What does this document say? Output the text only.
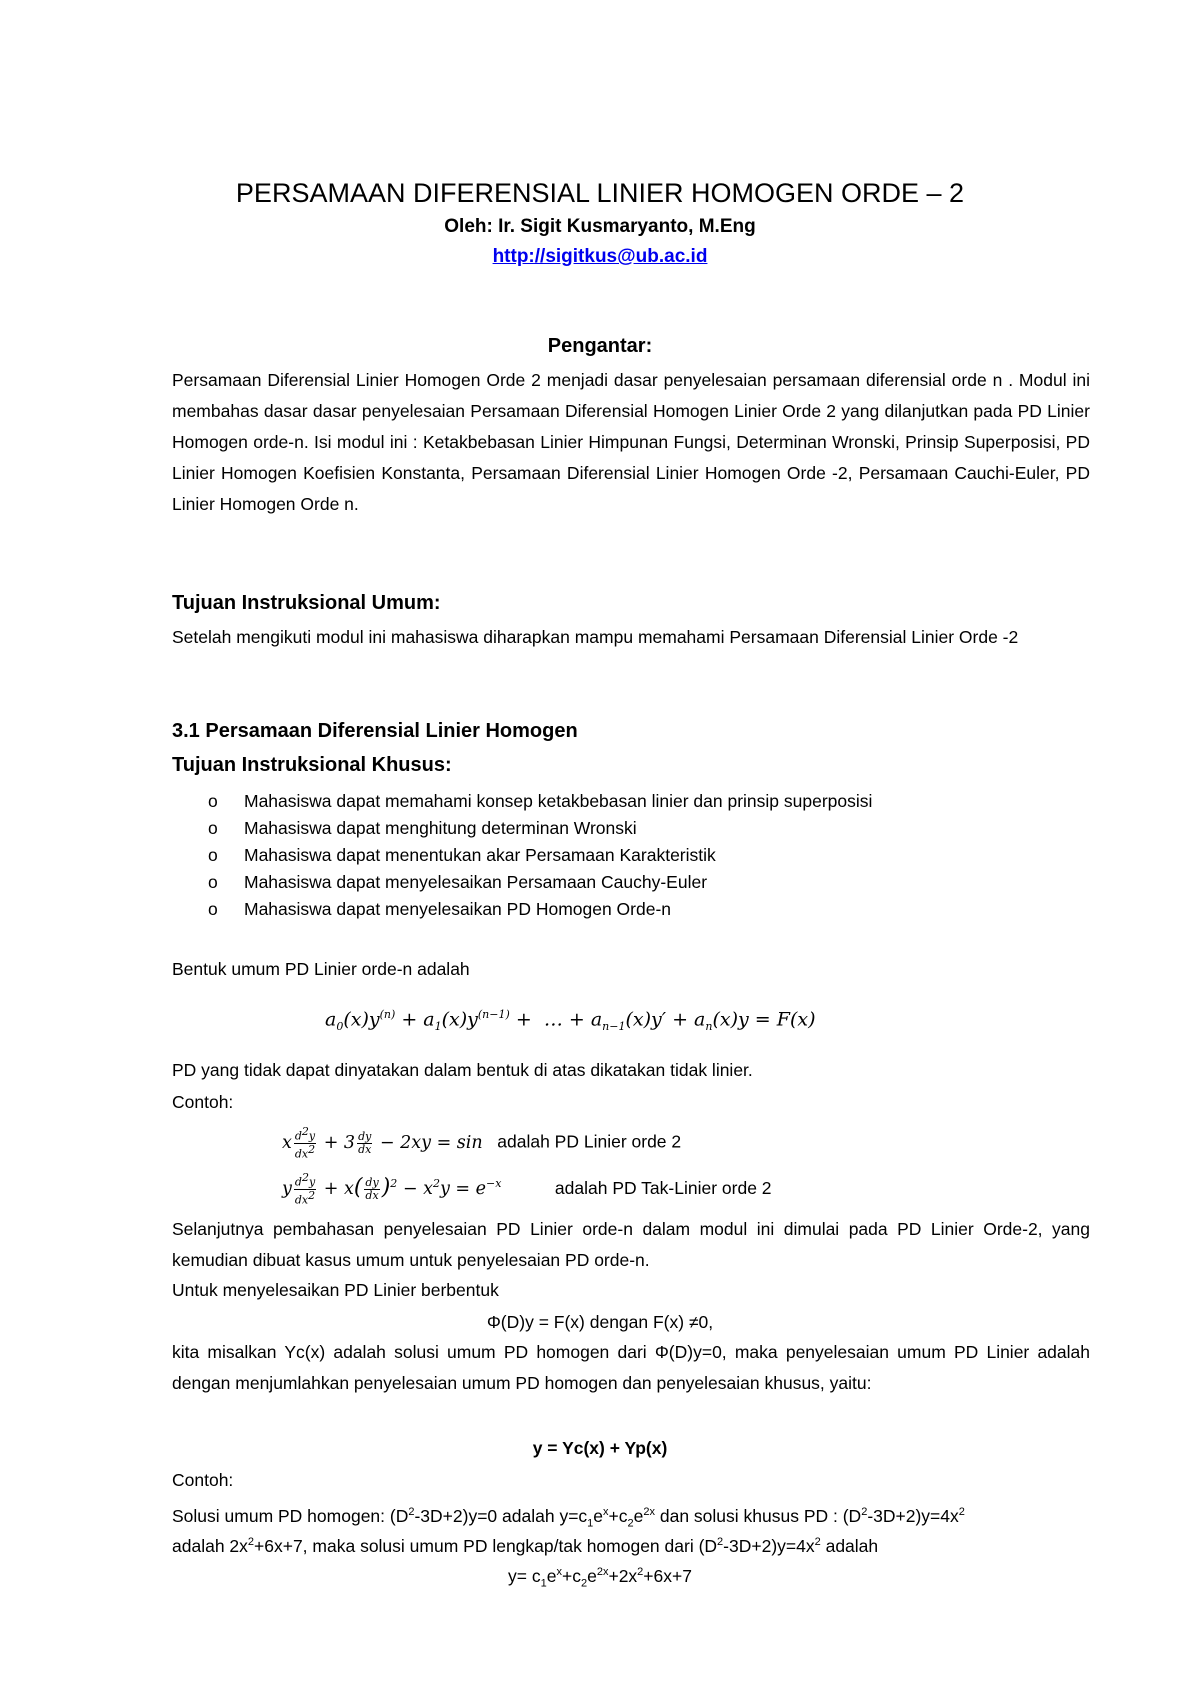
PERSAMAAN DIFERENSIAL LINIER HOMOGEN ORDE – 2
Oleh: Ir. Sigit Kusmaryanto, M.Eng
http://sigitkus@ub.ac.id
Pengantar:
Persamaan Diferensial Linier Homogen Orde 2 menjadi dasar penyelesaian persamaan diferensial orde n . Modul ini membahas dasar dasar penyelesaian Persamaan Diferensial Homogen Linier Orde 2 yang dilanjutkan pada PD Linier Homogen orde-n. Isi modul ini : Ketakbebasan Linier Himpunan Fungsi, Determinan Wronski, Prinsip Superposisi, PD Linier Homogen Koefisien Konstanta, Persamaan Diferensial Linier Homogen Orde -2, Persamaan Cauchi-Euler, PD Linier Homogen Orde n.
Tujuan Instruksional Umum:
Setelah mengikuti modul ini mahasiswa diharapkan mampu memahami Persamaan Diferensial Linier Orde -2
3.1 Persamaan Diferensial Linier Homogen
Tujuan Instruksional Khusus:
o Mahasiswa dapat memahami konsep ketakbebasan linier dan prinsip superposisi
o Mahasiswa dapat menghitung determinan Wronski
o Mahasiswa dapat menentukan akar Persamaan Karakteristik
o Mahasiswa dapat menyelesaikan Persamaan Cauchy-Euler
o Mahasiswa dapat menyelesaikan PD Homogen Orde-n
Bentuk umum PD Linier orde-n adalah
$a_0(x)y^{(n)} + a_1(x)y^{(n-1)}$ +  … + $a_{n-1}(x)y' + a_n(x)y = F(x)$
PD yang tidak dapat dinyatakan dalam bentuk di atas dikatakan tidak linier.
Contoh:
x $\frac{d^2y}{dx^2} + 3 \frac{dy}{dx} - 2xy = \sin$ adalah PD Linier orde 2
y $\frac{d^2y}{dx^2} + x( \frac{dy}{dx} )^2 - x^2y = e^{-x}$	adalah PD Tak-Linier orde 2
Selanjutnya pembahasan penyelesaian PD Linier orde-n dalam modul ini dimulai pada PD Linier Orde-2, yang kemudian dibuat kasus umum untuk penyelesaian PD orde-n.
Untuk menyelesaikan PD Linier berbentuk
Φ(D)y = F(x) dengan F(x) ≠0,
kita misalkan Yc(x) adalah solusi umum PD homogen dari Φ(D)y=0, maka penyelesaian umum PD Linier adalah dengan menjumlahkan penyelesaian umum PD homogen dan penyelesaian khusus, yaitu:
y = Yc(x) + Yp(x)
Contoh:
Solusi umum PD homogen: $(D^2-3D+2)y=0$ adalah $y=c_1e^x+c_2e^{2x}$ dan solusi khusus PD : $(D^2-3D+2)y=4x^2$
adalah $2x^2+6x+7$, maka solusi umum PD lengkap/tak homogen dari $(D^2-3D+2)y=4x^2$ adalah
$y= c_1e^x+c_2e^{2x}+2x^2+6x+7$
